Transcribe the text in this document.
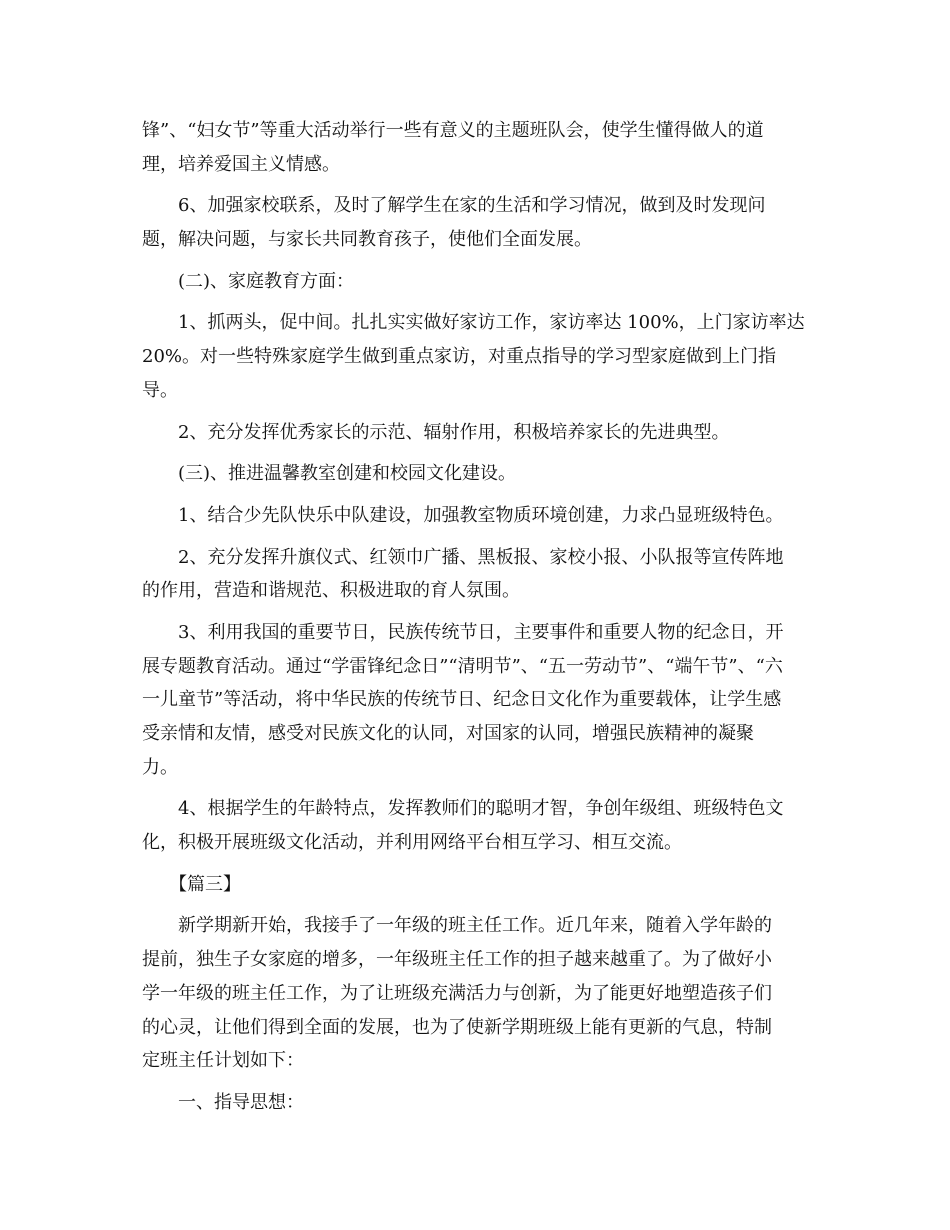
锋”、“妇女节”等重大活动举行一些有意义的主题班队会，使学生懂得做人的道
理，培养爱国主义情感。
　　6、加强家校联系，及时了解学生在家的生活和学习情况，做到及时发现问
题，解决问题，与家长共同教育孩子，使他们全面发展。
　　(二)、家庭教育方面：
　　1、抓两头，促中间。扎扎实实做好家访工作，家访率达 100%，上门家访率达
20%。对一些特殊家庭学生做到重点家访，对重点指导的学习型家庭做到上门指
导。
　　2、充分发挥优秀家长的示范、辐射作用，积极培养家长的先进典型。
　　(三)、推进温馨教室创建和校园文化建设。
　　1、结合少先队快乐中队建设，加强教室物质环境创建，力求凸显班级特色。
　　2、充分发挥升旗仪式、红领巾广播、黑板报、家校小报、小队报等宣传阵地
的作用，营造和谐规范、积极进取的育人氛围。
　　3、利用我国的重要节日，民族传统节日，主要事件和重要人物的纪念日，开
展专题教育活动。通过“学雷锋纪念日”“清明节”、“五一劳动节”、“端午节”、“六
一儿童节”等活动，将中华民族的传统节日、纪念日文化作为重要载体，让学生感
受亲情和友情，感受对民族文化的认同，对国家的认同，增强民族精神的凝聚
力。
　　4、根据学生的年龄特点，发挥教师们的聪明才智，争创年级组、班级特色文
化，积极开展班级文化活动，并利用网络平台相互学习、相互交流。
　　【篇三】
　　新学期新开始，我接手了一年级的班主任工作。近几年来，随着入学年龄的
提前，独生子女家庭的增多，一年级班主任工作的担子越来越重了。为了做好小
学一年级的班主任工作，为了让班级充满活力与创新，为了能更好地塑造孩子们
的心灵，让他们得到全面的发展，也为了使新学期班级上能有更新的气息，特制
定班主任计划如下：
　　一、指导思想：
